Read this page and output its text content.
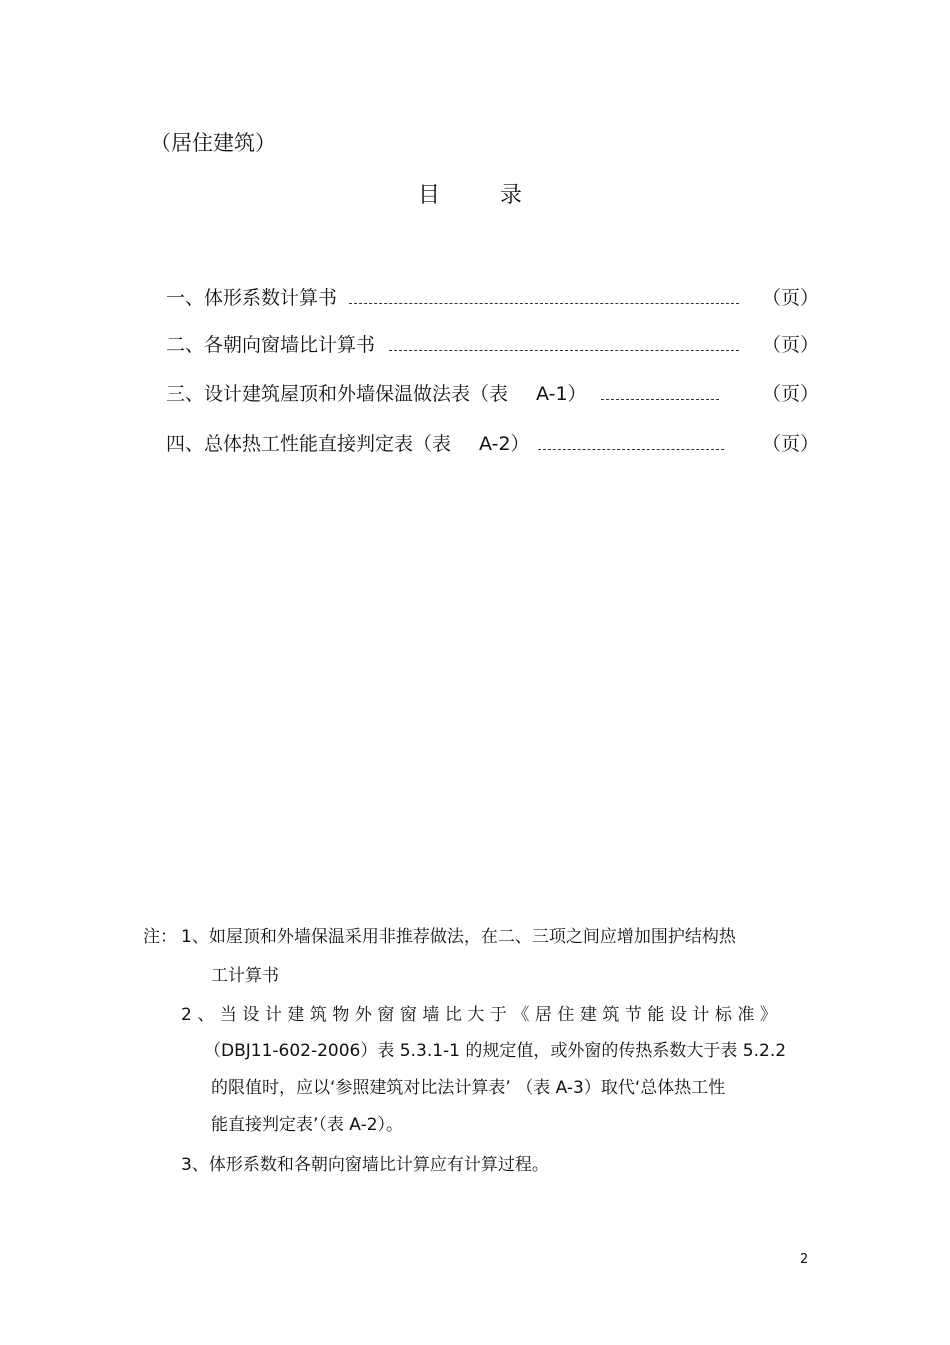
（居住建筑）
目	录
一、体形系数计算书	（页）
二、各朝向窗墙比计算书	（页）
三、设计建筑屋顶和外墙保温做法表（表	A-1）	（页）
四、总体热工性能直接判定表（表	A-2）	（页）
注： 1、如屋顶和外墙保温采用非推荐做法，在二、三项之间应增加围护结构热
工计算书
2、当设计建筑物外窗窗墙比大于《居住建筑节能设计标准》
（DBJ11-602-2006）表 5.3.1-1 的规定值，或外窗的传热系数大于表 5.2.2
的限值时，应以‘参照建筑对比法计算表’ （表 A-3）取代‘总体热工性
能直接判定表’（表 A-2）。
3、体形系数和各朝向窗墙比计算应有计算过程。
2
